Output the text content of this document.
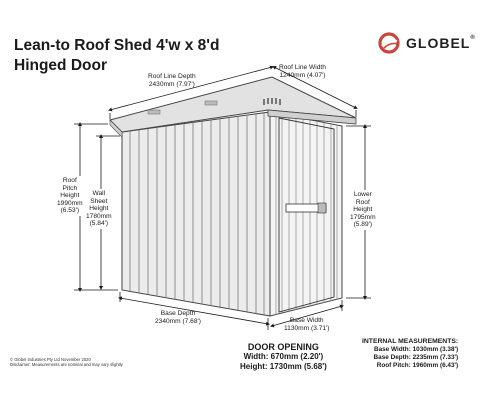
Lean-to Roof Shed 4'w x 8'd
Hinged Door
GLOBEL®
Roof Line Depth
2430mm (7.97')
Roof Line Width
1240mm (4.07')
Roof
Pitch
Height
1990mm
(6.53')
Wall
Sheet
Height
1780mm
(5.84')
Lower
Roof
Height
1795mm
(5.89')
Base Depth
2340mm (7.68')	Base Width
1130mm (3.71')
DOOR OPENING
Width: 670mm (2.20')
Height: 1730mm (5.68')
INTERNAL MEASUREMENTS:
Base Width: 1030mm (3.38')
Base Depth: 2235mm (7.33')
Roof Pitch: 1960mm (6.43')
© Globel Industries Pty Ltd November 2020
Disclaimer: Measurements are nominal and may vary slightly
